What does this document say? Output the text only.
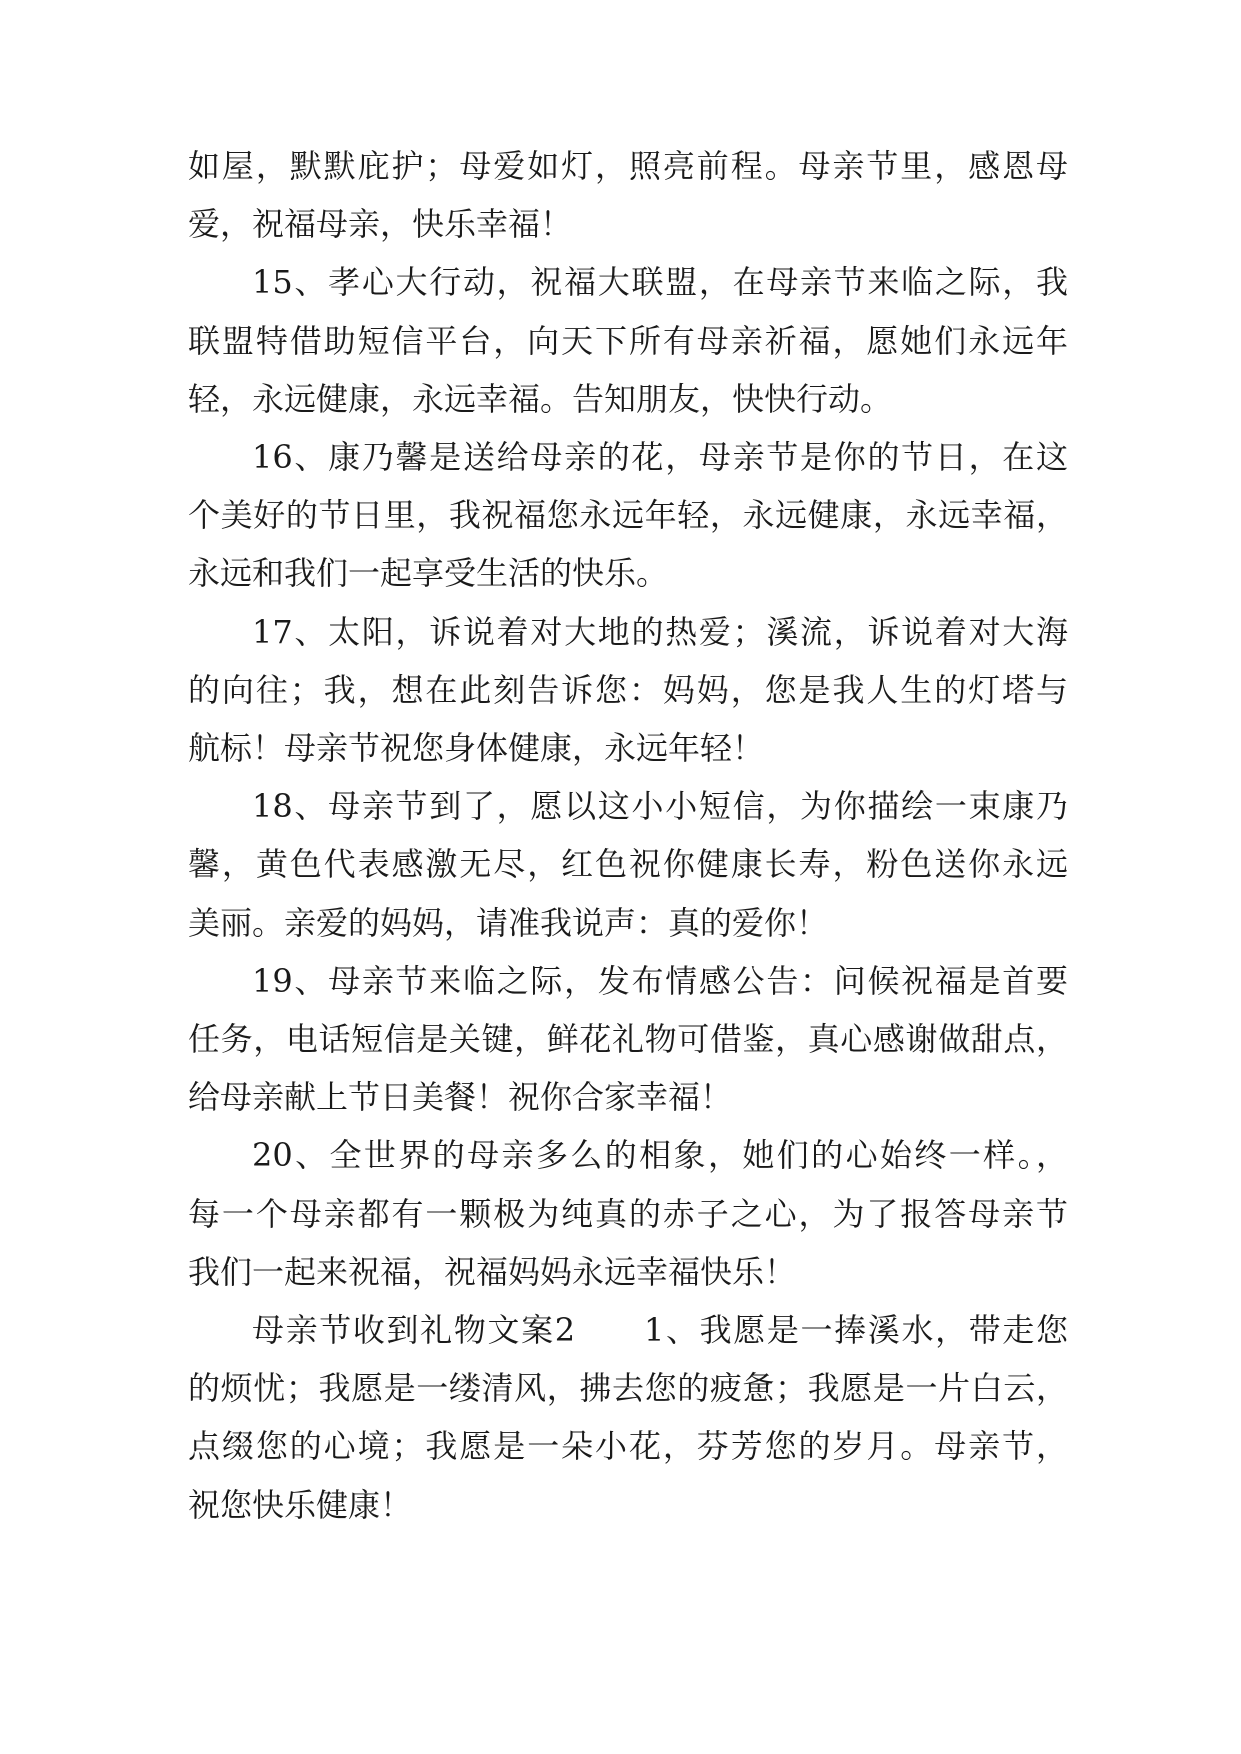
如屋，默默庇护；母爱如灯，照亮前程。母亲节里，感恩母
爱，祝福母亲，快乐幸福！
15、孝心大行动，祝福大联盟，在母亲节来临之际，我
联盟特借助短信平台，向天下所有母亲祈福，愿她们永远年
轻，永远健康，永远幸福。告知朋友，快快行动。
16、康乃馨是送给母亲的花，母亲节是你的节日，在这
个美好的节日里，我祝福您永远年轻，永远健康，永远幸福，
永远和我们一起享受生活的快乐。
17、太阳，诉说着对大地的热爱；溪流，诉说着对大海
的向往；我，想在此刻告诉您：妈妈，您是我人生的灯塔与
航标！母亲节祝您身体健康，永远年轻！
18、母亲节到了，愿以这小小短信，为你描绘一束康乃
馨，黄色代表感激无尽，红色祝你健康长寿，粉色送你永远
美丽。亲爱的妈妈，请准我说声：真的爱你！
19、母亲节来临之际，发布情感公告：问候祝福是首要
任务，电话短信是关键，鲜花礼物可借鉴，真心感谢做甜点，
给母亲献上节日美餐！祝你合家幸福！
20、全世界的母亲多么的相象，她们的心始终一样。，
每一个母亲都有一颗极为纯真的赤子之心，为了报答母亲节
我们一起来祝福，祝福妈妈永远幸福快乐！
母亲节收到礼物文案2　　1、我愿是一捧溪水，带走您
的烦忧；我愿是一缕清风，拂去您的疲惫；我愿是一片白云，
点缀您的心境；我愿是一朵小花，芬芳您的岁月。母亲节，
祝您快乐健康！
